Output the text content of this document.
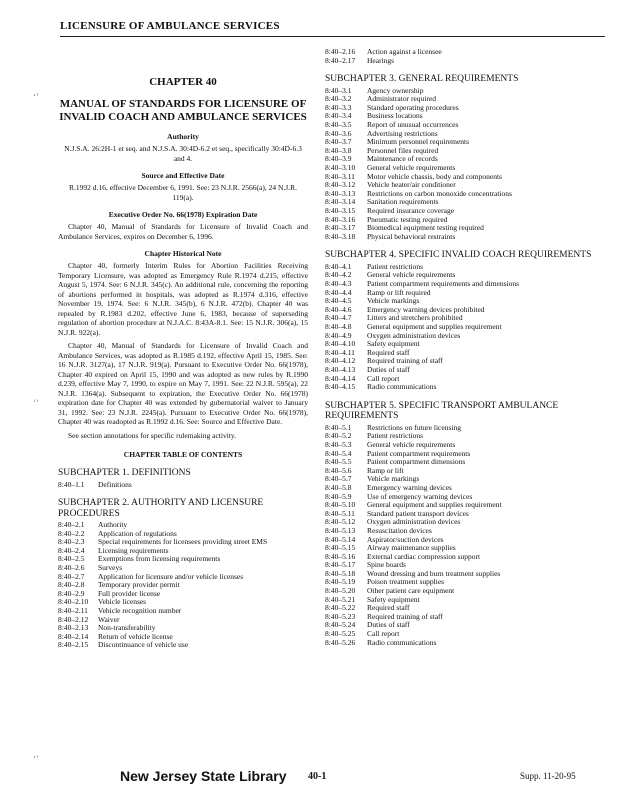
LICENSURE OF AMBULANCE SERVICES
CHAPTER 40
MANUAL OF STANDARDS FOR LICENSURE OF INVALID COACH AND AMBULANCE SERVICES
Authority
N.J.S.A. 26:2H-1 et seq. and N.J.S.A. 30:4D-6.2 et seq., specifically 30:4D-6.3 and 4.
Source and Effective Date
R.1992 d.16, effective December 6, 1991. See: 23 N.J.R. 2566(a), 24 N.J.R. 119(a).
Executive Order No. 66(1978) Expiration Date
Chapter 40, Manual of Standards for Licensure of Invalid Coach and Ambulance Services, expires on December 6, 1996.
Chapter Historical Note
Chapter 40, formerly Interim Rules for Abortion Facilities Receiving Temporary Licensure, was adopted as Emergency Rule R.1974 d.215, effective August 5, 1974. See: 6 N.J.R. 345(c). An additional rule, concerning the reporting of abortions performed in hospitals, was adopted as R.1974 d.316, effective November 19, 1974. See: 6 N.J.R. 345(b), 6 N.J.R. 472(b). Chapter 40 was repealed by R.1983 d.202, effective June 6, 1983, because of superseding regulation of abortion procedure at N.J.A.C. 8:43A-8.1. See: 15 N.J.R. 306(a), 15 N.J.R. 922(a).
Chapter 40, Manual of Standards for Licensure of Invalid Coach and Ambulance Services, was adopted as R.1985 d.192, effective April 15, 1985. See: 16 N.J.R. 3127(a), 17 N.J.R. 919(a). Pursuant to Executive Order No. 66(1978), Chapter 40 expired on April 15, 1990 and was adopted as new rules by R.1990 d.239, effective May 7, 1990, to expire on May 7, 1991. See: 22 N.J.R. 595(a), 22 N.J.R. 1364(a). Subsequent to expiration, the Executive Order No. 66(1978) expiration date for Chapter 40 was extended by gubernatorial waiver to January 31, 1992. See: 23 N.J.R. 2245(a). Pursuant to Executive Order No. 66(1978), Chapter 40 was readopted as R.1992 d.16. See: Source and Effective Date.
See section annotations for specific rulemaking activity.
CHAPTER TABLE OF CONTENTS
SUBCHAPTER 1. DEFINITIONS
8:40–1.1	Definitions
SUBCHAPTER 2. AUTHORITY AND LICENSURE PROCEDURES
8:40–2.1	Authority
8:40–2.2	Application of regulations
8:40–2.3	Special requirements for licensees providing street EMS
8:40–2.4	Licensing requirements
8:40–2.5	Exemptions from licensing requirements
8:40–2.6	Surveys
8:40–2.7	Application for licensure and/or vehicle licenses
8:40–2.8	Temporary provider permit
8:40–2.9	Full provider license
8:40–2.10	Vehicle licenses
8:40–2.11	Vehicle recognition number
8:40–2.12	Waiver
8:40–2.13	Non-transferability
8:40–2.14	Return of vehicle license
8:40–2.15	Discontinuance of vehicle use
8:40–2.16	Action against a licensee
8:40–2.17	Hearings
SUBCHAPTER 3. GENERAL REQUIREMENTS
8:40–3.1	Agency ownership
8:40–3.2	Administrator required
8:40–3.3	Standard operating procedures
8:40–3.4	Business locations
8:40–3.5	Report of unusual occurrences
8:40–3.6	Advertising restrictions
8:40–3.7	Minimum personnel requirements
8:40–3.8	Personnel files required
8:40–3.9	Maintenance of records
8:40–3.10	General vehicle requirements
8:40–3.11	Motor vehicle chassis, body and components
8:40–3.12	Vehicle heater/air conditioner
8:40–3.13	Restrictions on carbon monoxide concentrations
8:40–3.14	Sanitation requirements
8:40–3.15	Required insurance coverage
8:40–3.16	Pneumatic testing required
8:40–3.17	Biomedical equipment testing required
8:40–3.18	Physical behavioral restraints
SUBCHAPTER 4. SPECIFIC INVALID COACH REQUIREMENTS
8:40–4.1	Patient restrictions
8:40–4.2	General vehicle requirements
8:40–4.3	Patient compartment requirements and dimensions
8:40–4.4	Ramp or lift required
8:40–4.5	Vehicle markings
8:40–4.6	Emergency warning devices prohibited
8:40–4.7	Litters and stretchers prohibited
8:40–4.8	General equipment and supplies requirement
8:40–4.9	Oxygen administration devices
8:40–4.10	Safety equipment
8:40–4.11	Required staff
8:40–4.12	Required training of staff
8:40–4.13	Duties of staff
8:40–4.14	Call report
8:40–4.15	Radio communications
SUBCHAPTER 5. SPECIFIC TRANSPORT AMBULANCE REQUIREMENTS
8:40–5.1	Restrictions on future licensing
8:40–5.2	Patient restrictions
8:40–5.3	General vehicle requirements
8:40–5.4	Patient compartment requirements
8:40–5.5	Patient compartment dimensions
8:40–5.6	Ramp or lift
8:40–5.7	Vehicle markings
8:40–5.8	Emergency warning devices
8:40–5.9	Use of emergency warning devices
8:40–5.10	General equipment and supplies requirement
8:40–5.11	Standard patient transport devices
8:40–5.12	Oxygen administration devices
8:40–5.13	Resuscitation devices
8:40–5.14	Aspirator/suction devices
8:40–5.15	Airway maintenance supplies
8:40–5.16	External cardiac compression support
8:40–5.17	Spine boards
8:40–5.18	Wound dressing and burn treatment supplies
8:40–5.19	Poison treatment supplies
8:40–5.20	Other patient care equipment
8:40–5.21	Safety equipment
8:40–5.22	Required staff
8:40–5.23	Required training of staff
8:40–5.24	Duties of staff
8:40–5.25	Call report
8:40–5.26	Radio communications
New Jersey State Library 40-1	Supp. 11-20-95
‘’
‘’
‘’
